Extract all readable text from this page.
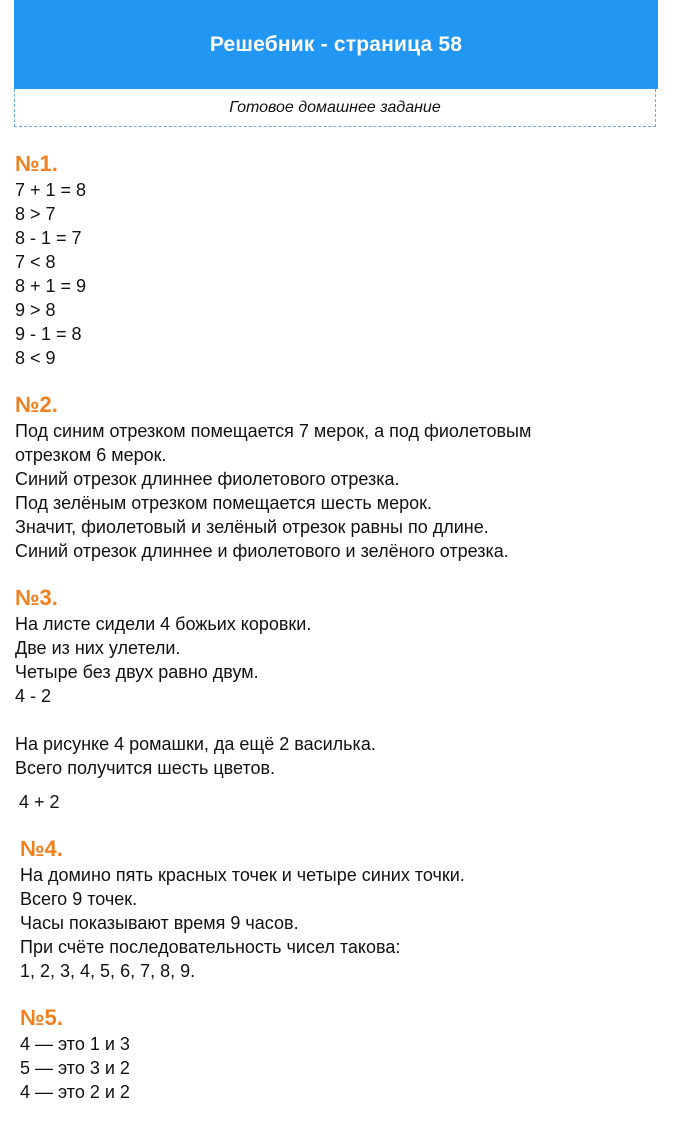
Решебник - страница 58
Готовое домашнее задание
№1.
7 + 1 = 8
8 > 7
8 - 1 = 7
7 < 8
8 + 1 = 9
9 > 8
9 - 1 = 8
8 < 9
№2.
Под синим отрезком помещается 7 мерок, а под фиолетовым
отрезком 6 мерок.
Синий отрезок длиннее фиолетового отрезка.
Под зелёным отрезком помещается шесть мерок.
Значит, фиолетовый и зелёный отрезок равны по длине.
Синий отрезок длиннее и фиолетового и зелёного отрезка.
№3.
На листе сидели 4 божьих коровки.
Две из них улетели.
Четыре без двух равно двум.
4 - 2
На рисунке 4 ромашки, да ещё 2 василька.
Всего получится шесть цветов.
4 + 2
№4.
На домино пять красных точек и четыре синих точки.
Всего 9 точек.
Часы показывают время 9 часов.
При счёте последовательность чисел такова:
1, 2, 3, 4, 5, 6, 7, 8, 9.
№5.
4 — это 1 и 3
5 — это 3 и 2
4 — это 2 и 2
